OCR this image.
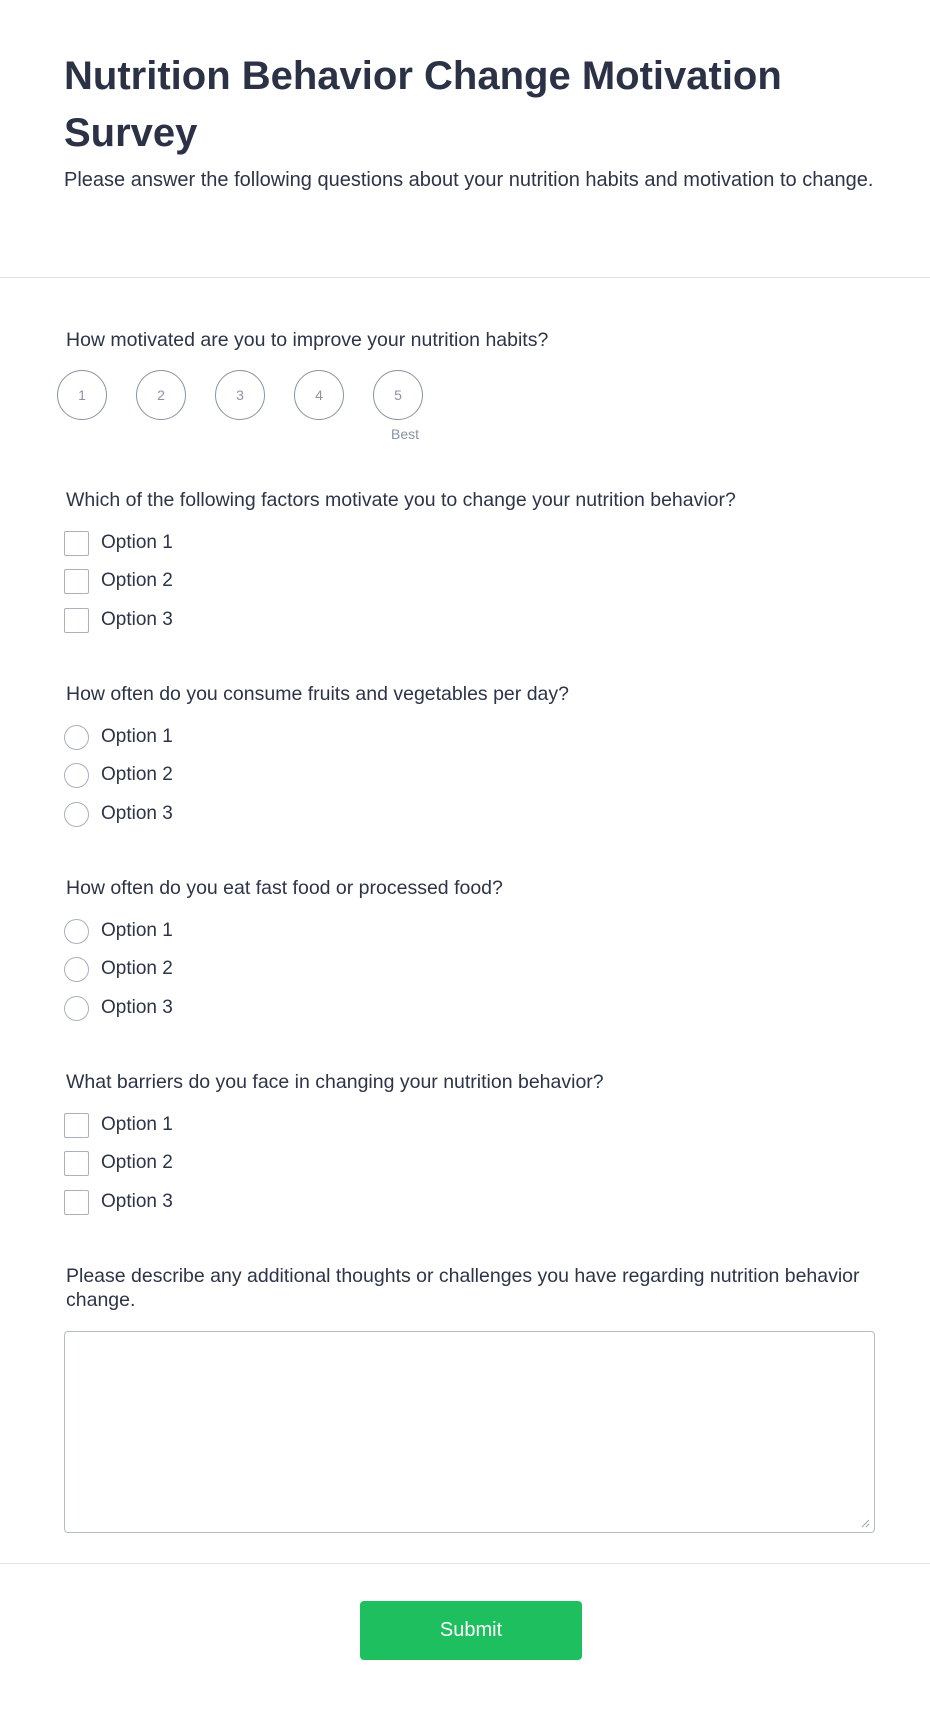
Nutrition Behavior Change Motivation Survey

Please answer the following questions about your nutrition habits and motivation to change.

How motivated are you to improve your nutrition habits?
1	2	3	4	5
Best
Which of the following factors motivate you to change your nutrition behavior?
Option 1
Option 2
Option 3
How often do you consume fruits and vegetables per day?
Option 1
Option 2
Option 3
How often do you eat fast food or processed food?
Option 1
Option 2
Option 3
What barriers do you face in changing your nutrition behavior?
Option 1
Option 2
Option 3
Please describe any additional thoughts or challenges you have regarding nutrition behavior change.
Submit
